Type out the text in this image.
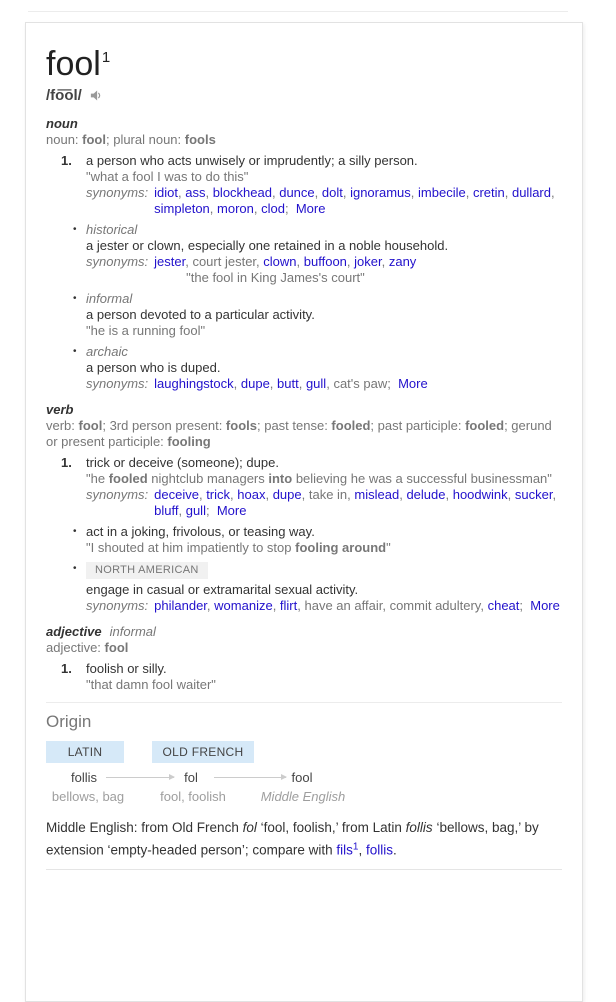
fool$^1$
/fo͞ol/
noun
noun: fool; plural noun: fools
1. a person who acts unwisely or imprudently; a silly person.
"what a fool I was to do this"
synonyms: idiot, ass, blockhead, dunce, dolt, ignoramus, imbecile, cretin, dullard, simpleton, moron, clod;  More
• historical
a jester or clown, especially one retained in a noble household.
synonyms: jester, court jester, clown, buffoon, joker, zany
"the fool in King James's court"
• informal
a person devoted to a particular activity.
"he is a running fool"
• archaic
a person who is duped.
synonyms: laughingstock, dupe, butt, gull, cat's paw;  More
verb
verb: fool; 3rd person present: fools; past tense: fooled; past participle: fooled; gerund or present participle: fooling
1. trick or deceive (someone); dupe.
"he fooled nightclub managers into believing he was a successful businessman"
synonyms: deceive, trick, hoax, dupe, take in, mislead, delude, hoodwink, sucker, bluff, gull;  More
• act in a joking, frivolous, or teasing way.
"I shouted at him impatiently to stop fooling around"
•	NORTH AMERICAN
engage in casual or extramarital sexual activity.
synonyms: philander, womanize, flirt, have an affair, commit adultery, cheat;  More
adjective informal
adjective: fool
1. foolish or silly.
"that damn fool waiter"
Origin
LATIN	OLD FRENCH
follis
bellows, bag
fol
fool, foolish
fool
Middle English

Middle English: from Old French fol ‘fool, foolish,’ from Latin follis ‘bellows, bag,’ by extension ‘empty-headed person’; compare with fils$^1$, follis.
